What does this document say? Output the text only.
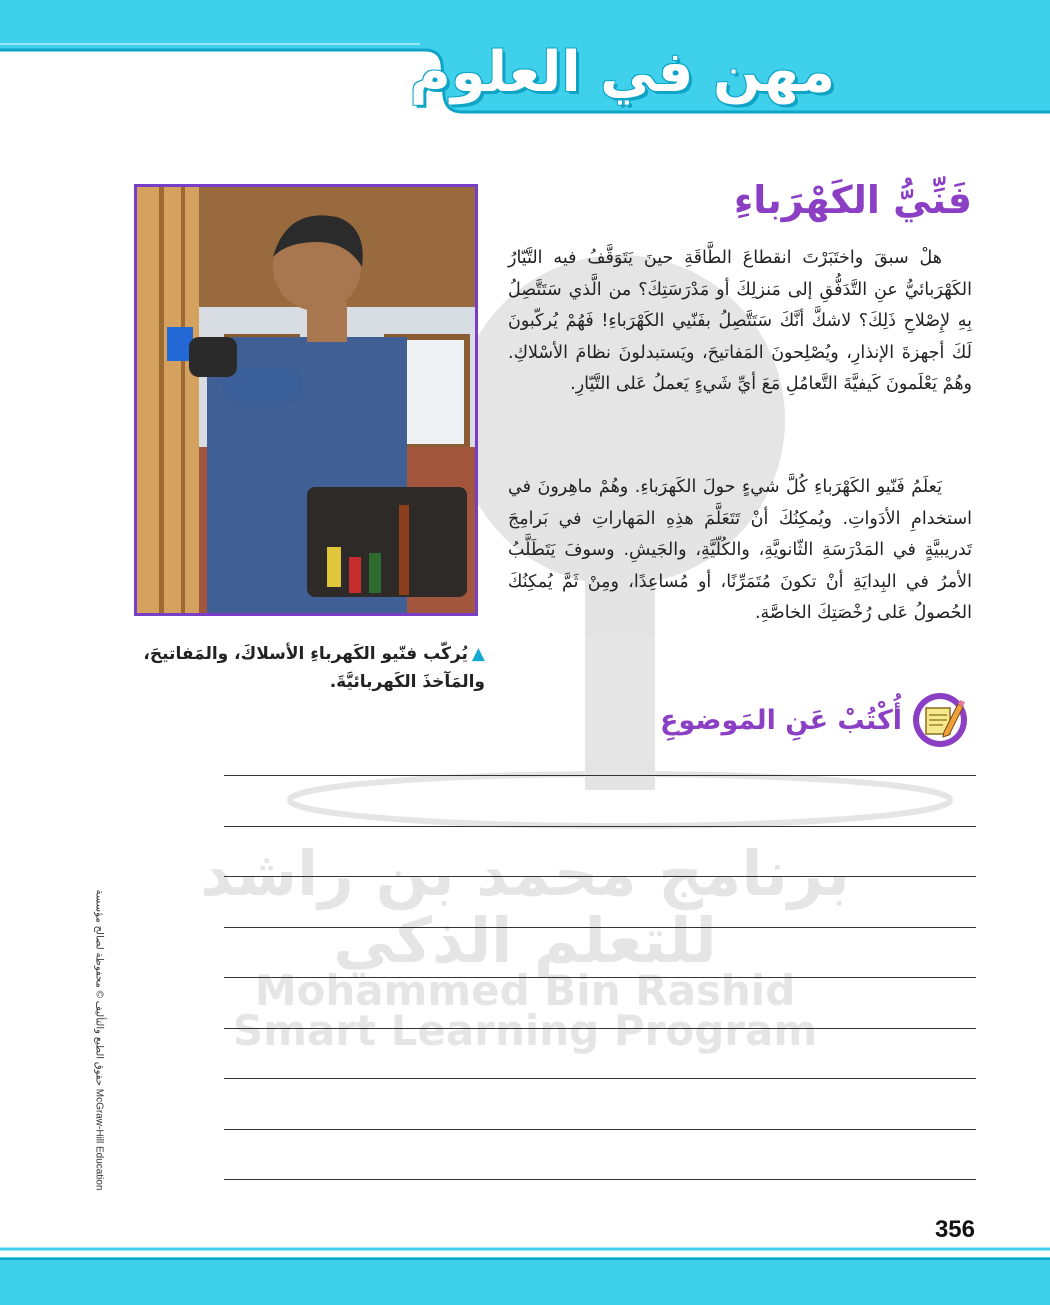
مهن في العلوم
برنامج محمد بن راشد
للتعلم الذكي
Mohammed Bin Rashid
Smart Learning Program
▲يُركّب فنّيو الكَهرباءِ الأسلاكَ، والمَفاتيحَ، والمَآخذَ الكَهربائيَّةَ.
فَنِّيُّ الكَهْرَباءِ

هلْ سبقَ واختَبَرْتَ انقطاعَ الطَّاقَةِ حينَ يَتَوَقَّفُ فيه التَّيّارُ الكَهْرَبائيُّ عنِ التَّدَفُّقِ إلى مَنزلِكَ أو مَدْرَسَتِكَ؟ من الَّذي سَتَتَّصِلُ بِهِ لإِصْلاحِ ذَلِكَ؟ لاشكَّ أنَّكَ سَتَتَّصِلُ بفَنّيي الكَهْرَباءِ! فَهُمْ يُركّبونَ لَكَ أجهزةَ الإنذارِ، ويُصْلِحونَ المَفاتيحَ، ويَستبدلونَ نظامَ الأسْلاكِ. وهُمْ يَعْلَمونَ كَيفيَّةَ التَّعامُلِ مَعَ أيِّ شَيءٍ يَعملُ عَلى التَّيّارِ.

يَعلَمُ فَنّيو الكَهْرَباءِ كُلَّ شيءٍ حولَ الكَهرَباءِ. وهُمْ ماهِرونَ في استخدامِ الأدَواتِ. ويُمكِنُكَ أنْ تَتَعَلَّمَ هذِهِ المَهاراتِ في بَرامِجَ تَدريبيَّةٍ في المَدْرَسَةِ الثّانويَّةِ، والكُلّيَّةِ، والجَيشِ. وسوفَ يَتَطَلَّبُ الأمرُ في البِدايَةِ أنْ تكونَ مُتَمَرِّنًا، أو مُساعِدًا، ومِنْ ثَمَّ يُمكِنُكَ الحُصولُ عَلى رُخْصَتِكَ الخاصَّةِ.

أُكْتُبْ عَنِ المَوضوعِ
حقوق الطبع والتأليف © محفوظة لصالح مؤسسة McGraw-Hill Education
356
